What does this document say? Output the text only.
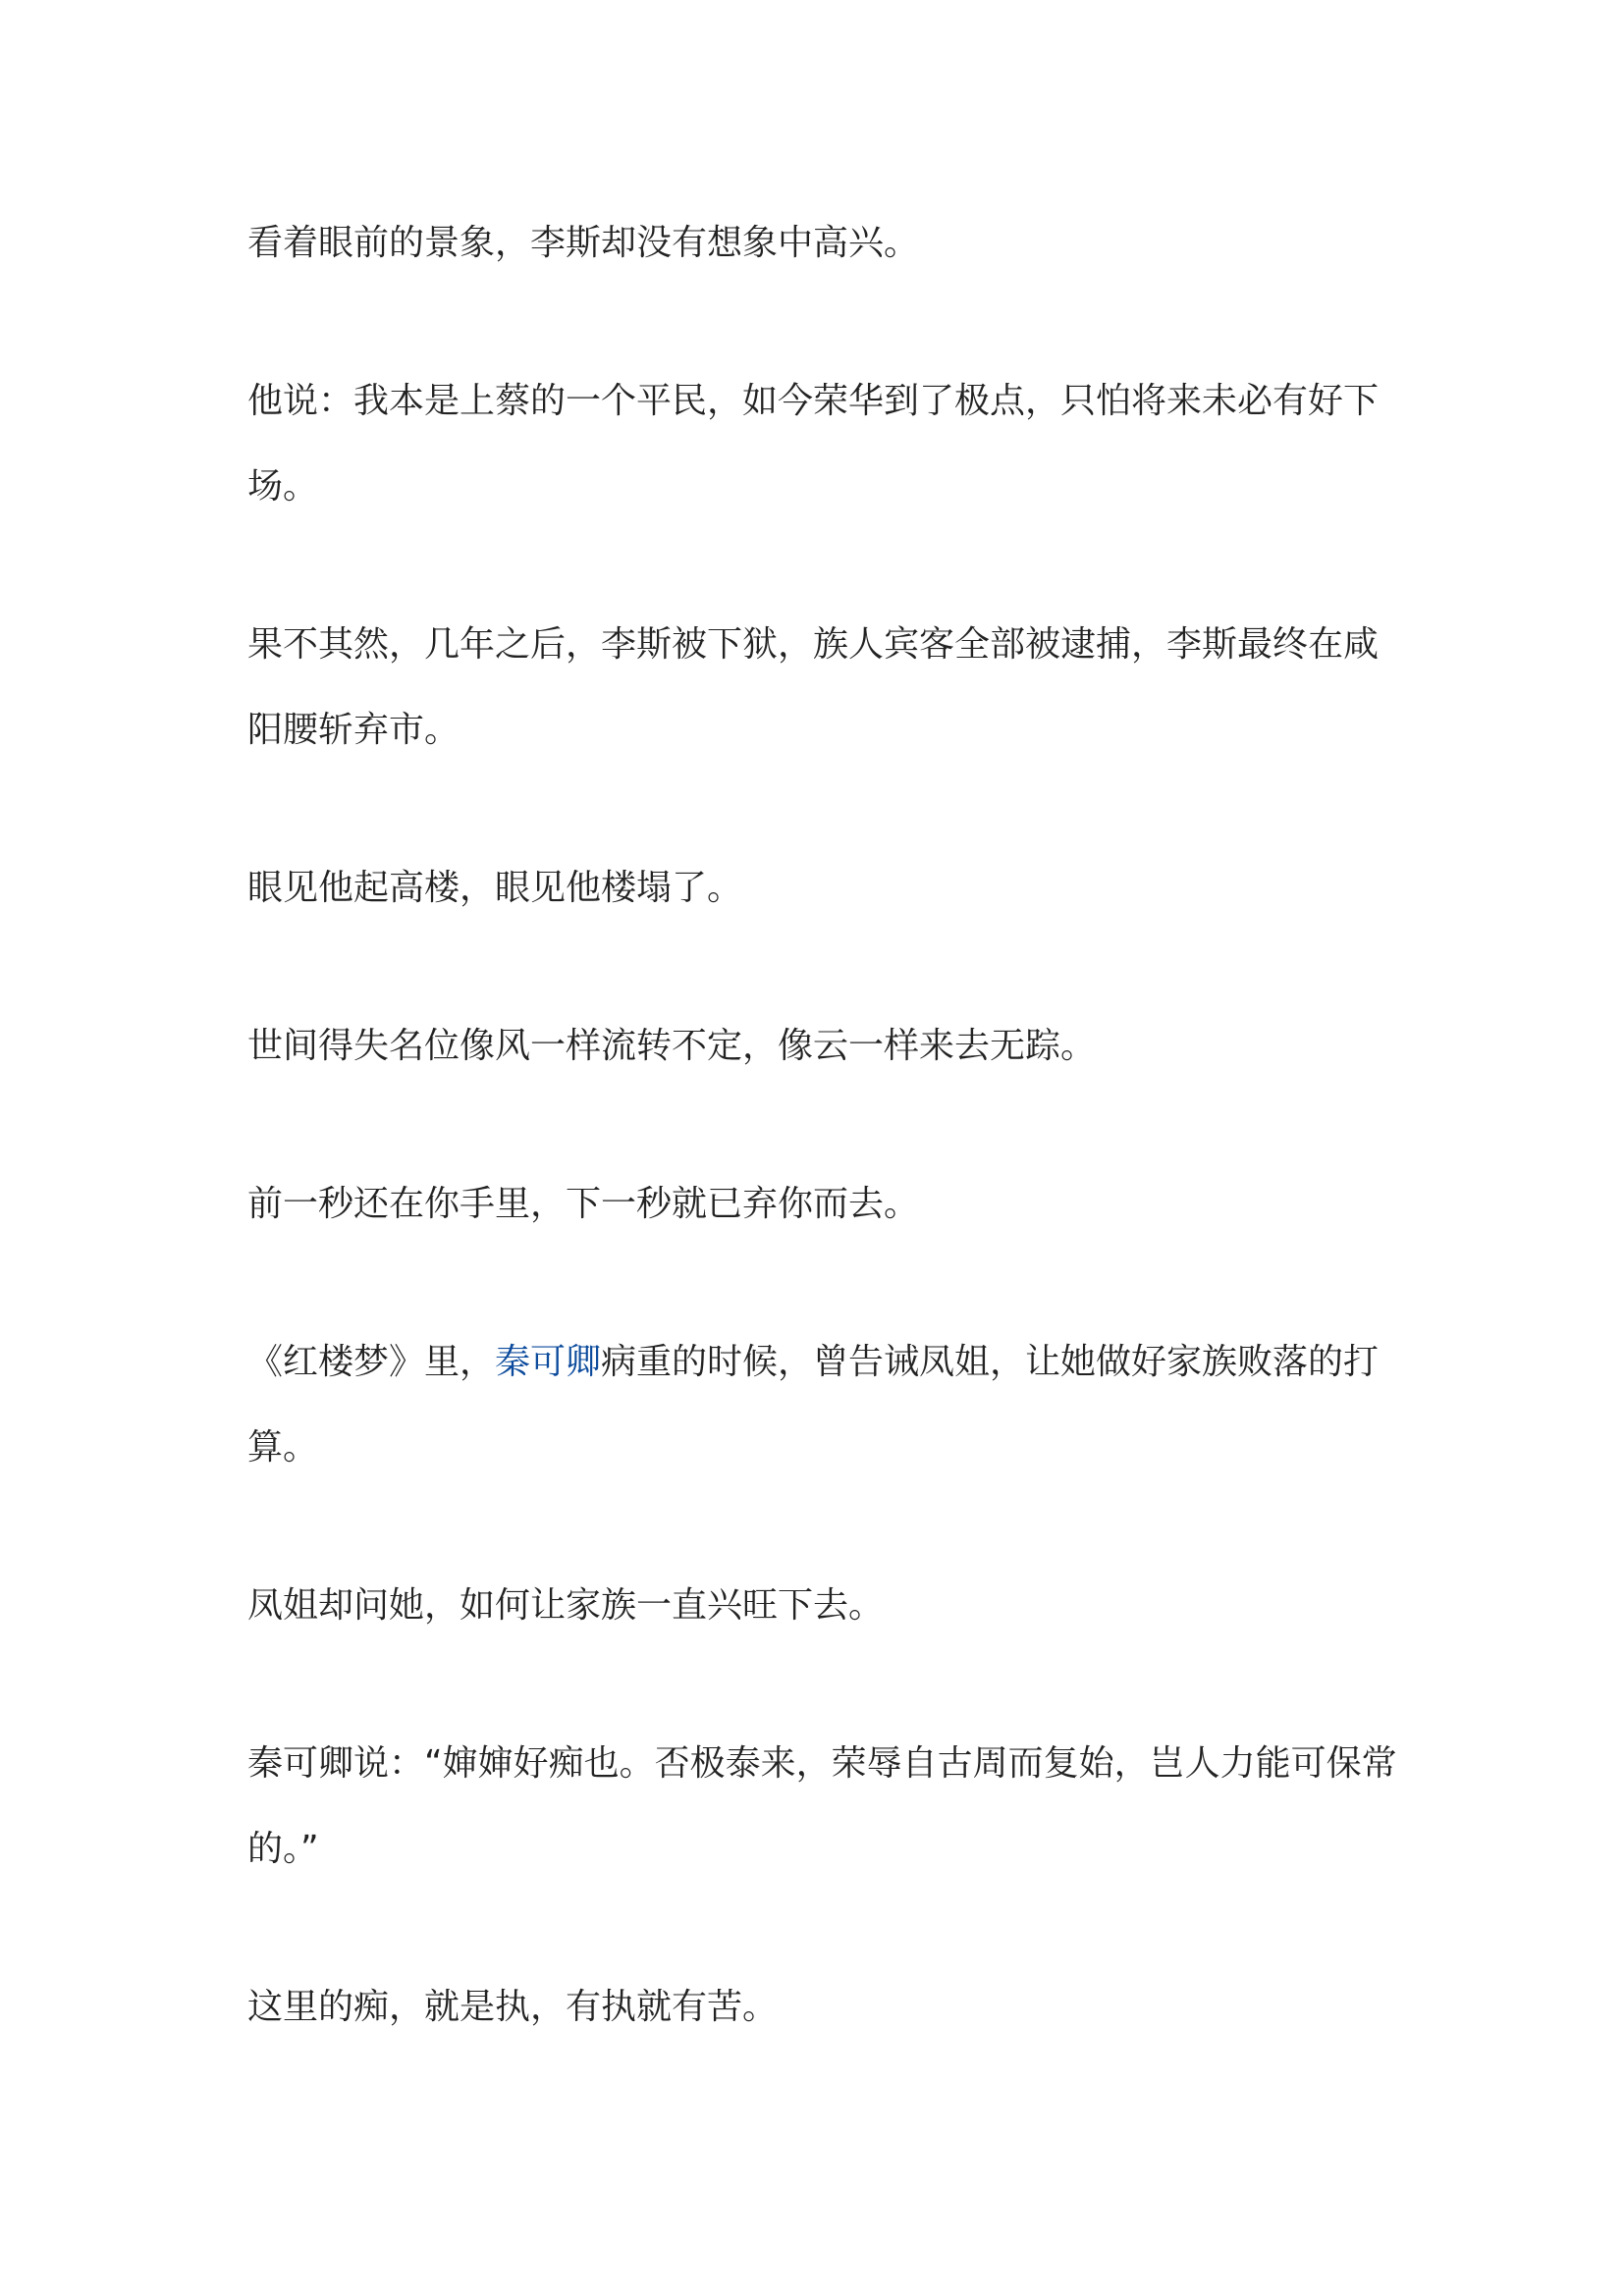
看着眼前的景象，李斯却没有想象中高兴。

他说：我本是上蔡的一个平民，如今荣华到了极点，只怕将来未必有好下场。

果不其然，几年之后，李斯被下狱，族人宾客全部被逮捕，李斯最终在咸阳腰斩弃市。

眼见他起高楼，眼见他楼塌了。

世间得失名位像风一样流转不定，像云一样来去无踪。

前一秒还在你手里，下一秒就已弃你而去。

《红楼梦》里，秦可卿病重的时候，曾告诫凤姐，让她做好家族败落的打算。

凤姐却问她，如何让家族一直兴旺下去。

秦可卿说：“婶婶好痴也。否极泰来，荣辱自古周而复始，岂人力能可保常的。”

这里的痴，就是执，有执就有苦。
